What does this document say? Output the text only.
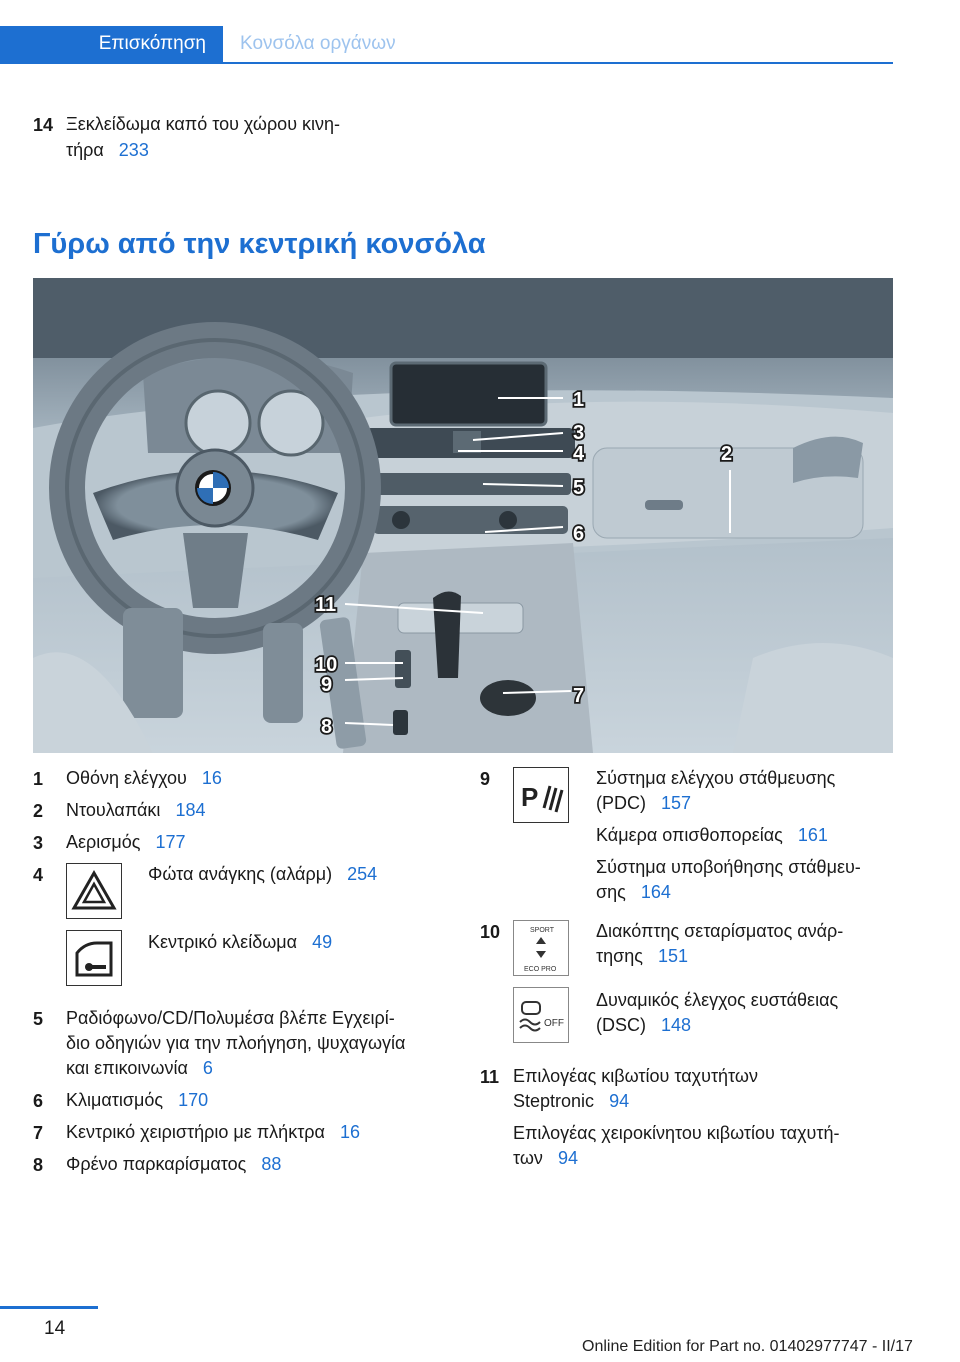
Επισκόπηση	Κονσόλα οργάνων
14 Ξεκλείδωμα καπό του χώρου κινη‑
τήρα 233
Γύρω από την κεντρική κονσόλα
1
2
3
4
5
6
7
8
9
10
11
1 Οθόνη ελέγχου 16
2 Ντουλαπάκι 184
3 Αερισμός 177
4	Φώτα ανάγκης (αλάρμ) 254
Κεντρικό κλείδωμα 49
5 Ραδιόφωνο/CD/Πολυμέσα βλέπε Εγχειρί‑
διο οδηγιών για την πλοήγηση, ψυχαγωγία
και επικοινωνία 6
6 Κλιματισμός 170
7 Κεντρικό χειριστήριο με πλήκτρα 16
8 Φρένο παρκαρίσματος 88
9
P
Σύστημα ελέγχου στάθμευσης
(PDC) 157
Κάμερα οπισθοπορείας 161
Σύστημα υποβοήθησης στάθμευ‑
σης 164
10	SPORT
ECO PRO
Διακόπτης σεταρίσματος ανάρ‑
τησης 151
OFF
Δυναμικός έλεγχος ευστάθειας
(DSC) 148
11 Επιλογέας κιβωτίου ταχυτήτων
Steptronic 94
Επιλογέας χειροκίνητου κιβωτίου ταχυτή‑
των 94
14
Online Edition for Part no. 01402977747 - II/17
